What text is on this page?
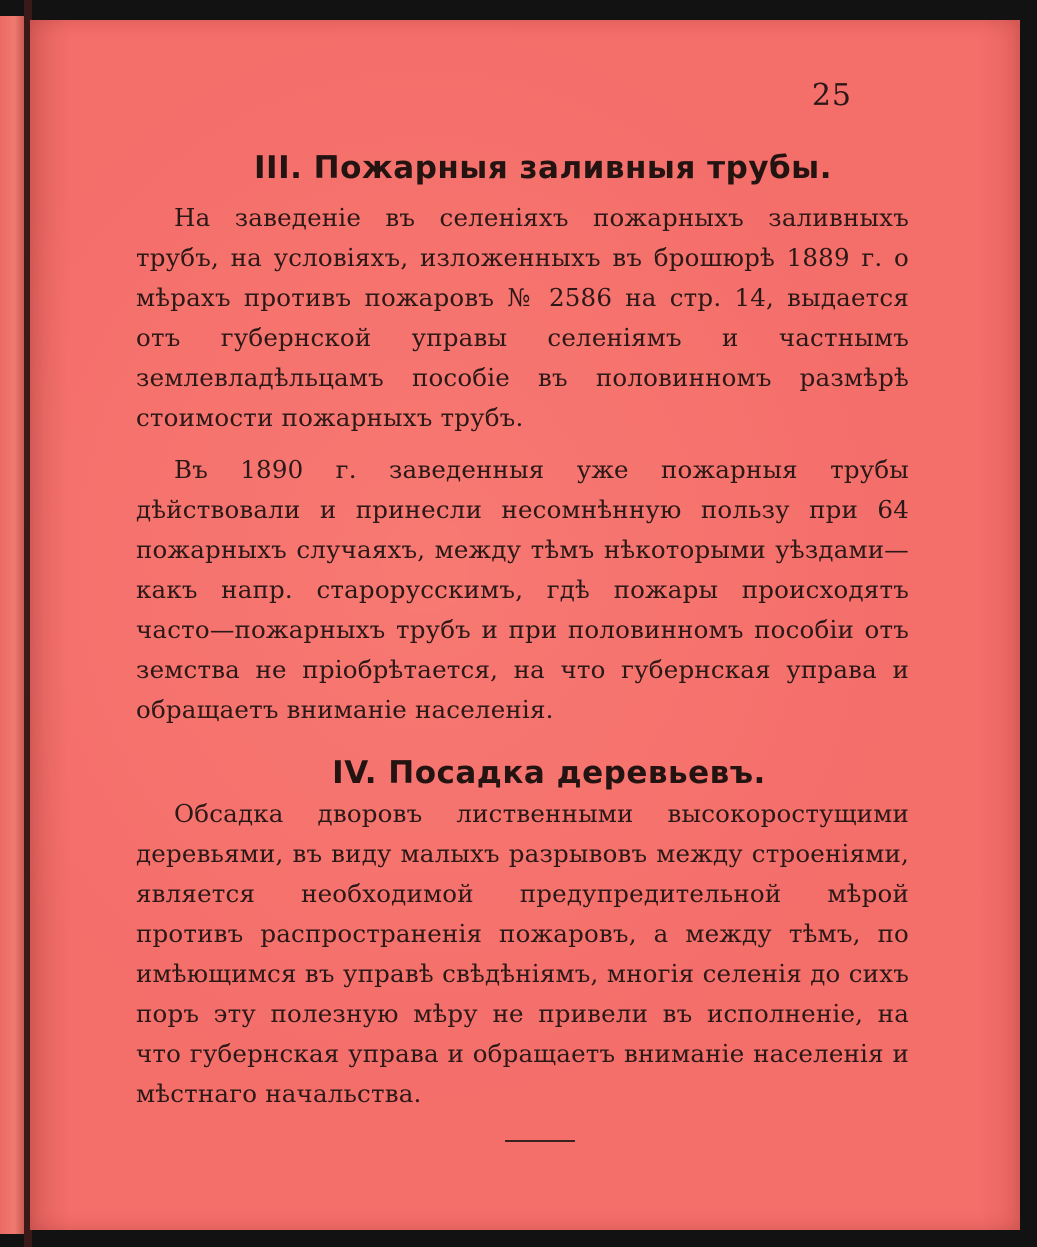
25
III. Пожарныя заливныя трубы.

На заведеніе въ селеніяхъ пожарныхъ заливныхъ трубъ, на условіяхъ, изложенныхъ въ брошюрѣ 1889 г. о мѣрахъ противъ пожаровъ № 2586 на стр. 14, выдается отъ губернской управы селеніямъ и частнымъ землевладѣльцамъ пособіе въ половинномъ размѣрѣ стоимости пожарныхъ трубъ.

Въ 1890 г. заведенныя уже пожарныя трубы дѣйствовали и принесли несомнѣнную пользу при 64 пожарныхъ случаяхъ, между тѣмъ нѣкоторыми уѣздами—какъ напр. старорусскимъ, гдѣ пожары происходятъ часто—пожарныхъ трубъ и при половинномъ пособіи отъ земства не пріобрѣтается, на что губернская управа и обращаетъ вниманіе населенія.

IV. Посадка деревьевъ.

Обсадка дворовъ лиственными высокоростущими деревьями, въ виду малыхъ разрывовъ между строеніями, является необходимой предупредительной мѣрой противъ распространенія пожаровъ, а между тѣмъ, по имѣющимся въ управѣ свѣдѣніямъ, многія селенія до сихъ поръ эту полезную мѣру не привели въ исполненіе, на что губернская управа и обращаетъ вниманіе населенія и мѣстнаго начальства.
